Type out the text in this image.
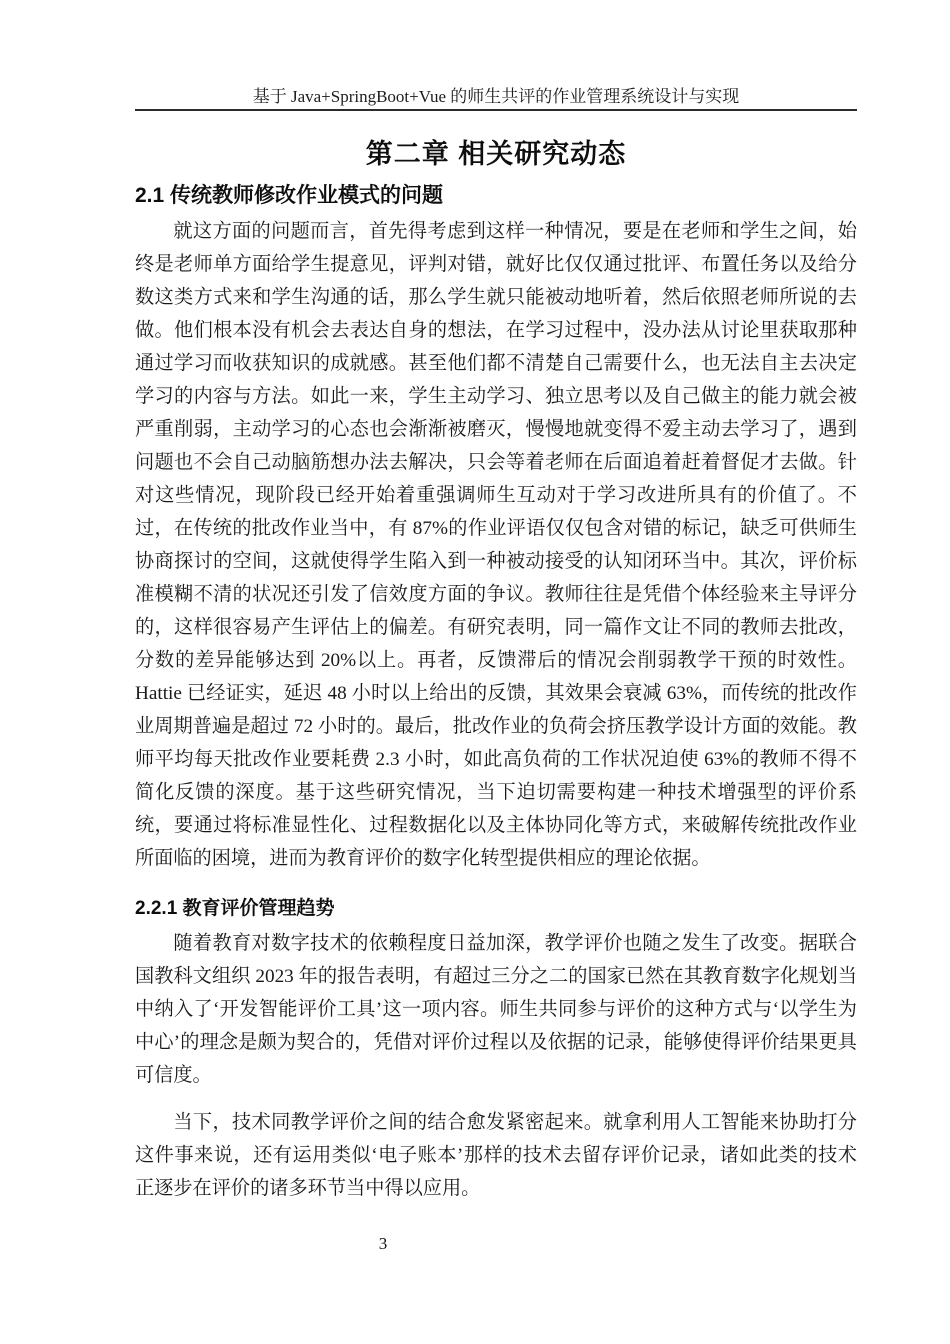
基于 Java+SpringBoot+Vue 的师生共评的作业管理系统设计与实现
第二章 相关研究动态
2.1 传统教师修改作业模式的问题

就这方面的问题而言，首先得考虑到这样一种情况，要是在老师和学生之间，始终是老师单方面给学生提意见，评判对错，就好比仅仅通过批评、布置任务以及给分数这类方式来和学生沟通的话，那么学生就只能被动地听着，然后依照老师所说的去做。他们根本没有机会去表达自身的想法，在学习过程中，没办法从讨论里获取那种通过学习而收获知识的成就感。甚至他们都不清楚自己需要什么，也无法自主去决定学习的内容与方法。如此一来，学生主动学习、独立思考以及自己做主的能力就会被严重削弱，主动学习的心态也会渐渐被磨灭，慢慢地就变得不爱主动去学习了，遇到问题也不会自己动脑筋想办法去解决，只会等着老师在后面追着赶着督促才去做。针对这些情况，现阶段已经开始着重强调师生互动对于学习改进所具有的价值了。不过，在传统的批改作业当中，有 87%的作业评语仅仅包含对错的标记，缺乏可供师生协商探讨的空间，这就使得学生陷入到一种被动接受的认知闭环当中。其次，评价标准模糊不清的状况还引发了信效度方面的争议。教师往往是凭借个体经验来主导评分的，这样很容易产生评估上的偏差。有研究表明，同一篇作文让不同的教师去批改，分数的差异能够达到 20%以上。再者，反馈滞后的情况会削弱教学干预的时效性。Hattie 已经证实，延迟 48 小时以上给出的反馈，其效果会衰减 63%，而传统的批改作业周期普遍是超过 72 小时的。最后，批改作业的负荷会挤压教学设计方面的效能。教师平均每天批改作业要耗费 2.3 小时，如此高负荷的工作状况迫使 63%的教师不得不简化反馈的深度。基于这些研究情况，当下迫切需要构建一种技术增强型的评价系统，要通过将标准显性化、过程数据化以及主体协同化等方式，来破解传统批改作业所面临的困境，进而为教育评价的数字化转型提供相应的理论依据。

2.2.1 教育评价管理趋势

随着教育对数字技术的依赖程度日益加深，教学评价也随之发生了改变。据联合国教科文组织 2023 年的报告表明，有超过三分之二的国家已然在其教育数字化规划当中纳入了‘开发智能评价工具’这一项内容。师生共同参与评价的这种方式与‘以学生为中心’的理念是颇为契合的，凭借对评价过程以及依据的记录，能够使得评价结果更具可信度。

当下，技术同教学评价之间的结合愈发紧密起来。就拿利用人工智能来协助打分这件事来说，还有运用类似‘电子账本’那样的技术去留存评价记录，诸如此类的技术正逐步在评价的诸多环节当中得以应用。

3
